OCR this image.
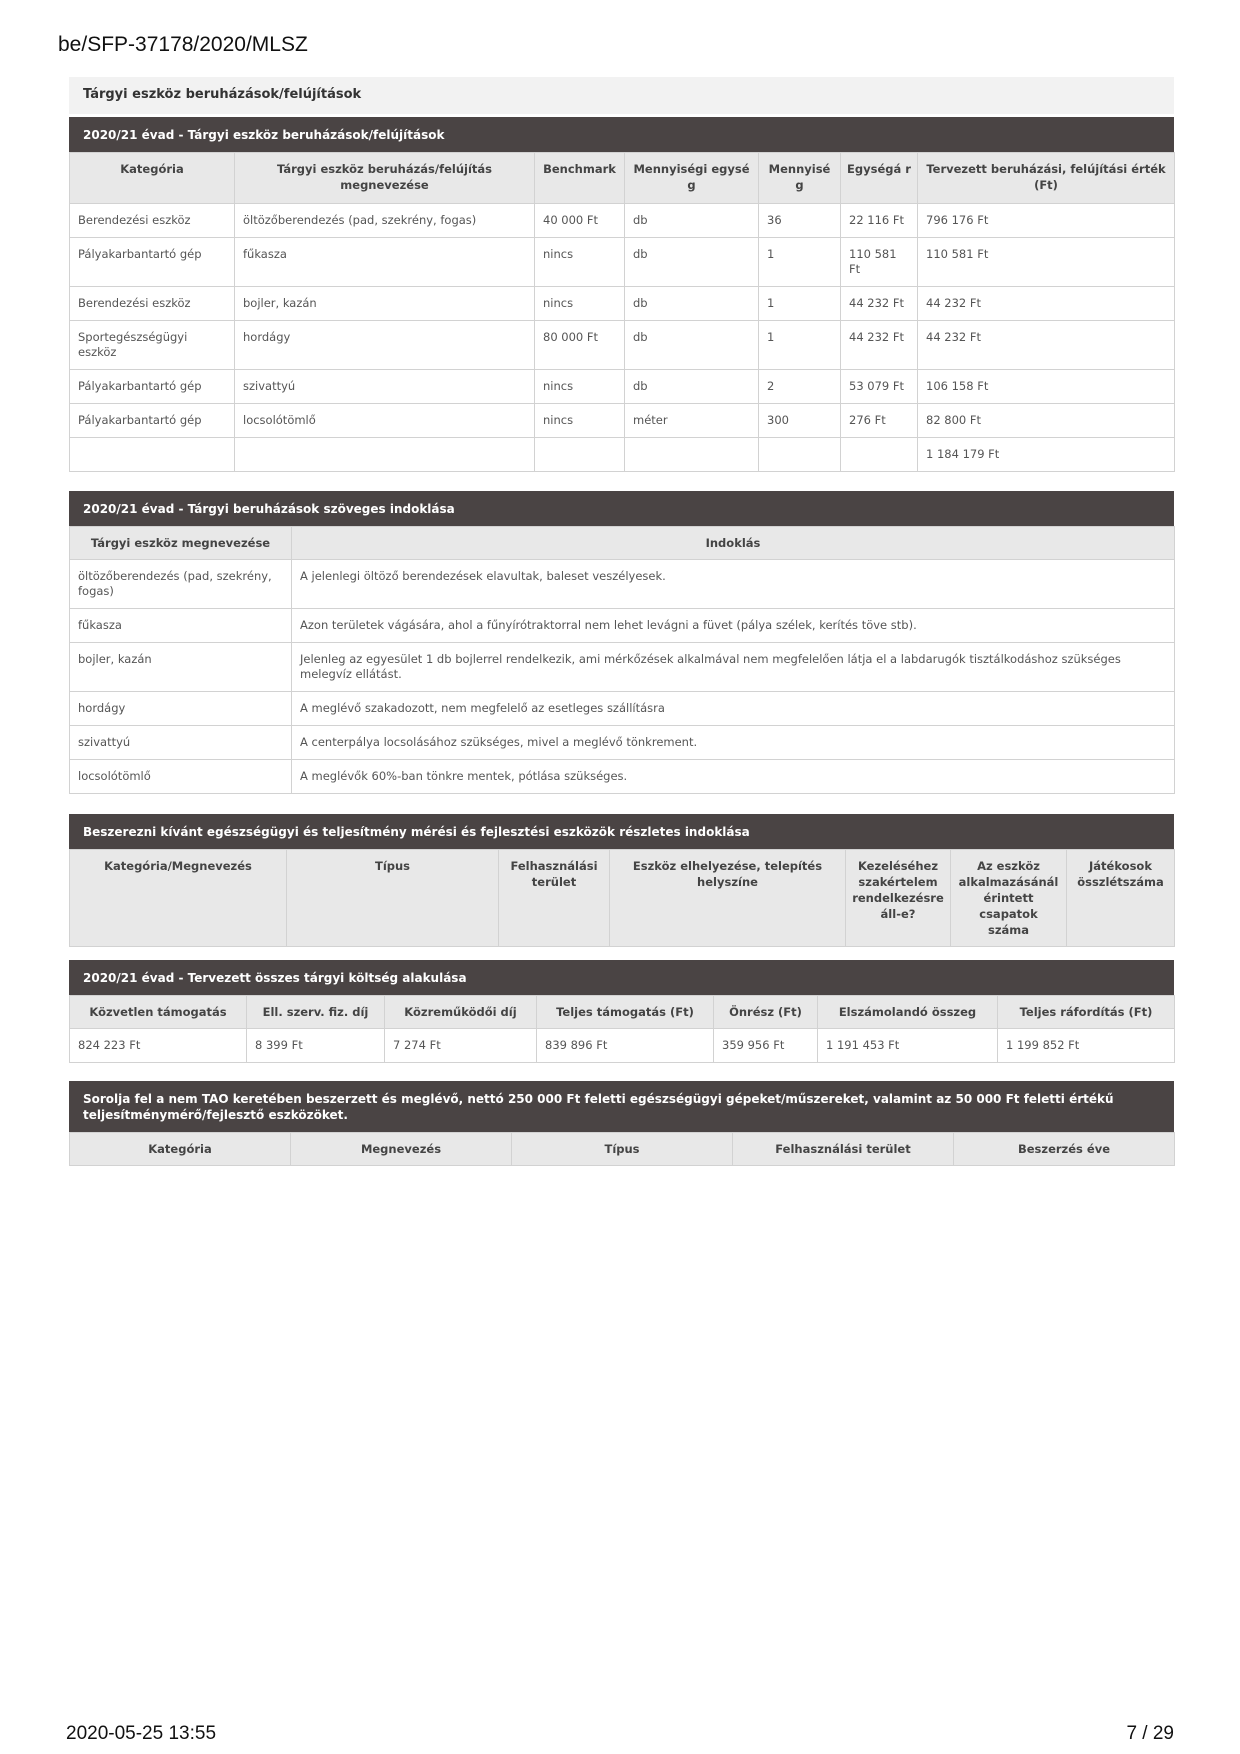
be/SFP-37178/2020/MLSZ
Tárgyi eszköz beruházások/felújítások
2020/21 évad - Tárgyi eszköz beruházások/felújítások
Kategória	Tárgyi eszköz beruházás/felújítás megnevezése	Benchmark	Mennyiségi egysé g	Mennyisé g	Egységá r	Tervezett beruházási, felújítási érték (Ft)
Berendezési eszköz	öltözőberendezés (pad, szekrény, fogas)	40 000 Ft	db	36	22 116 Ft	796 176 Ft
Pályakarbantartó gép	fűkasza	nincs	db	1	110 581 Ft	110 581 Ft
Berendezési eszköz	bojler, kazán	nincs	db	1	44 232 Ft	44 232 Ft
Sportegészségügyi eszköz	hordágy	80 000 Ft	db	1	44 232 Ft	44 232 Ft
Pályakarbantartó gép	szivattyú	nincs	db	2	53 079 Ft	106 158 Ft
Pályakarbantartó gép	locsolótömlő	nincs	méter	300	276 Ft	82 800 Ft
						1 184 179 Ft
2020/21 évad - Tárgyi beruházások szöveges indoklása
Tárgyi eszköz megnevezése	Indoklás
öltözőberendezés (pad, szekrény, fogas)	A jelenlegi öltöző berendezések elavultak, baleset veszélyesek.
fűkasza	Azon területek vágására, ahol a fűnyírótraktorral nem lehet levágni a füvet (pálya szélek, kerítés töve stb).
bojler, kazán	Jelenleg az egyesület 1 db bojlerrel rendelkezik, ami mérkőzések alkalmával nem megfelelően látja el a labdarugók tisztálkodáshoz szükséges melegvíz ellátást.
hordágy	A meglévő szakadozott, nem megfelelő az esetleges szállításra
szivattyú	A centerpálya locsolásához szükséges, mivel a meglévő tönkrement.
locsolótömlő	A meglévők 60%-ban tönkre mentek, pótlása szükséges.
Beszerezni kívánt egészségügyi és teljesítmény mérési és fejlesztési eszközök részletes indoklása
Kategória/Megnevezés	Típus	Felhasználási terület	Eszköz elhelyezése, telepítés helyszíne	Kezeléséhez szakértelem rendelkezésre áll-e?	Az eszköz alkalmazásánál érintett csapatok száma	Játékosok összlétszáma
2020/21 évad - Tervezett összes tárgyi költség alakulása
Közvetlen támogatás	Ell. szerv. fiz. díj	Közreműködői díj	Teljes támogatás (Ft)	Önrész (Ft)	Elszámolandó összeg	Teljes ráfordítás (Ft)
824 223 Ft	8 399 Ft	7 274 Ft	839 896 Ft	359 956 Ft	1 191 453 Ft	1 199 852 Ft
Sorolja fel a nem TAO keretében beszerzett és meglévő, nettó 250 000 Ft feletti egészségügyi gépeket/műszereket, valamint az 50 000 Ft feletti értékű teljesítménymérő/fejlesztő eszközöket.
Kategória	Megnevezés	Típus	Felhasználási terület	Beszerzés éve
2020-05-25 13:55	7 / 29
